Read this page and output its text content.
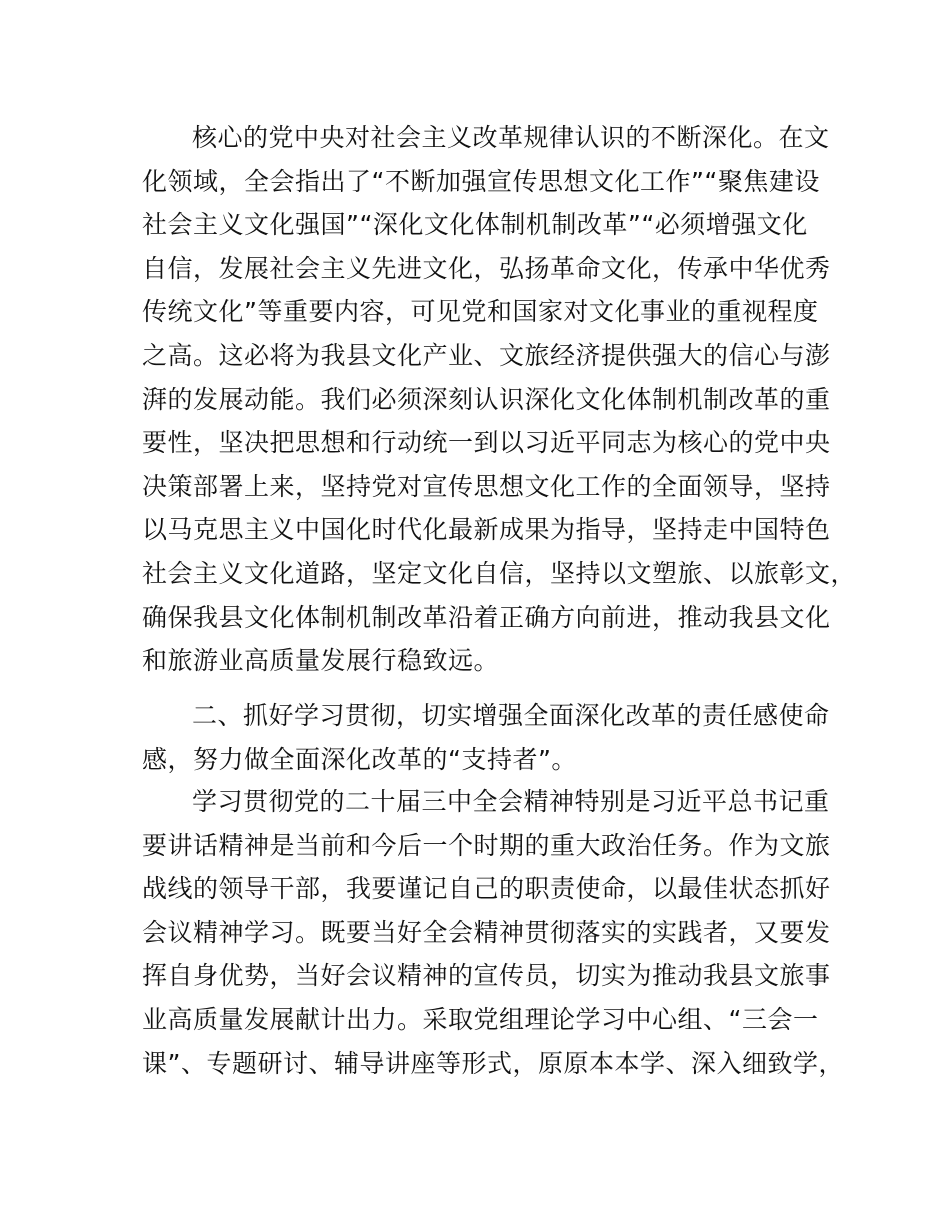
核心的党中央对社会主义改革规律认识的不断深化。在文
化领域，全会指出了“不断加强宣传思想文化工作”“聚焦建设
社会主义文化强国”“深化文化体制机制改革”“必须增强文化
自信，发展社会主义先进文化，弘扬革命文化，传承中华优秀
传统文化”等重要内容，可见党和国家对文化事业的重视程度
之高。这必将为我县文化产业、文旅经济提供强大的信心与澎
湃的发展动能。我们必须深刻认识深化文化体制机制改革的重
要性，坚决把思想和行动统一到以习近平同志为核心的党中央
决策部署上来，坚持党对宣传思想文化工作的全面领导，坚持
以马克思主义中国化时代化最新成果为指导，坚持走中国特色
社会主义文化道路，坚定文化自信，坚持以文塑旅、以旅彰文，
确保我县文化体制机制改革沿着正确方向前进，推动我县文化
和旅游业高质量发展行稳致远。
二、抓好学习贯彻，切实增强全面深化改革的责任感使命
感，努力做全面深化改革的“支持者”。
学习贯彻党的二十届三中全会精神特别是习近平总书记重
要讲话精神是当前和今后一个时期的重大政治任务。作为文旅
战线的领导干部，我要谨记自己的职责使命，以最佳状态抓好
会议精神学习。既要当好全会精神贯彻落实的实践者，又要发
挥自身优势，当好会议精神的宣传员，切实为推动我县文旅事
业高质量发展献计出力。采取党组理论学习中心组、“三会一
课”、专题研讨、辅导讲座等形式，原原本本学、深入细致学，
